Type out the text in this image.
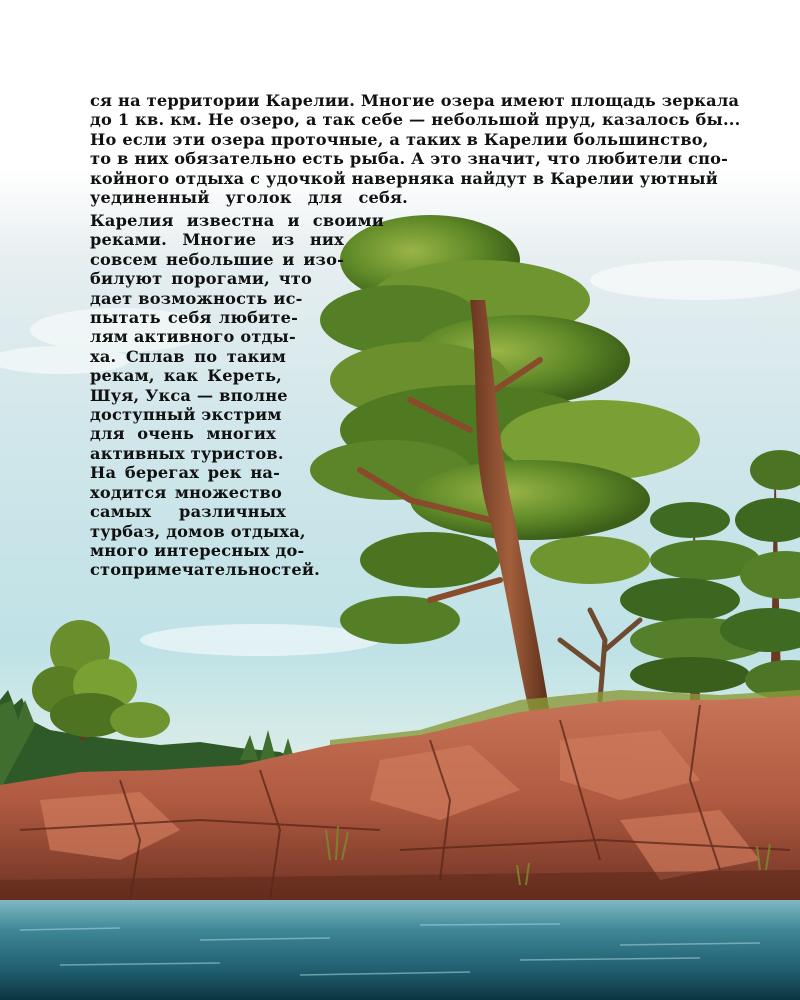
ся на территории Карелии. Многие озера имеют площадь зеркала
до 1 кв. км. Не озеро, а так себе — небольшой пруд, казалось бы...
Но если эти озера проточные, а таких в Карелии большинство,
то в них обязательно есть рыба. А это значит, что любители спо-
койного отдыха с удочкой наверняка найдут в Карелии уютный
уединенный уголок для себя.
Карелия известна и своими
реками. Многие из них
совсем небольшие и изо-
билуют порогами, что
дает возможность ис-
пытать себя любите-
лям активного отды-
ха. Сплав по таким
рекам, как Кереть,
Шуя, Укса — вполне
доступный экстрим
для очень многих
активных туристов.
На берегах рек на-
ходится множество
самых различных
турбаз, домов отдыха,
много интересных до-
стопримечательностей.
